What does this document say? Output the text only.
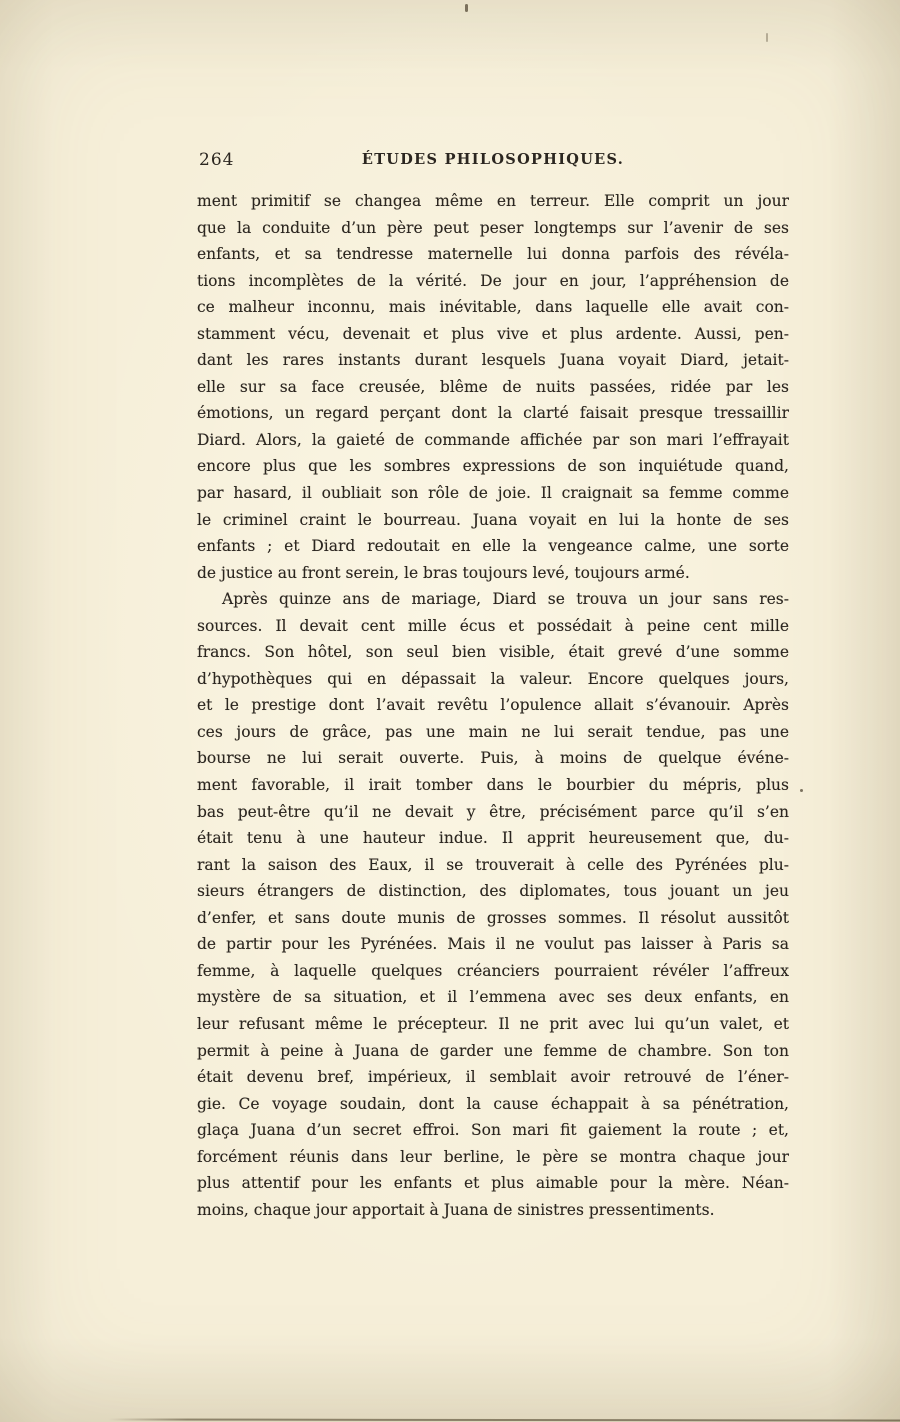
264	ÉTUDES PHILOSOPHIQUES.
ment primitif se changea même en terreur. Elle comprit un jour
que la conduite d’un père peut peser longtemps sur l’avenir de ses
enfants, et sa tendresse maternelle lui donna parfois des révéla-
tions incomplètes de la vérité. De jour en jour, l’appréhension de
ce malheur inconnu, mais inévitable, dans laquelle elle avait con-
stamment vécu, devenait et plus vive et plus ardente. Aussi, pen-
dant les rares instants durant lesquels Juana voyait Diard, jetait-
elle sur sa face creusée, blême de nuits passées, ridée par les
émotions, un regard perçant dont la clarté faisait presque tressaillir
Diard. Alors, la gaieté de commande affichée par son mari l’effrayait
encore plus que les sombres expressions de son inquiétude quand,
par hasard, il oubliait son rôle de joie. Il craignait sa femme comme
le criminel craint le bourreau. Juana voyait en lui la honte de ses
enfants ; et Diard redoutait en elle la vengeance calme, une sorte
de justice au front serein, le bras toujours levé, toujours armé.
Après quinze ans de mariage, Diard se trouva un jour sans res-
sources. Il devait cent mille écus et possédait à peine cent mille
francs. Son hôtel, son seul bien visible, était grevé d’une somme
d’hypothèques qui en dépassait la valeur. Encore quelques jours,
et le prestige dont l’avait revêtu l’opulence allait s’évanouir. Après
ces jours de grâce, pas une main ne lui serait tendue, pas une
bourse ne lui serait ouverte. Puis, à moins de quelque événe-
ment favorable, il irait tomber dans le bourbier du mépris, plus
bas peut-être qu’il ne devait y être, précisément parce qu’il s’en
était tenu à une hauteur indue. Il apprit heureusement que, du-
rant la saison des Eaux, il se trouverait à celle des Pyrénées plu-
sieurs étrangers de distinction, des diplomates, tous jouant un jeu
d’enfer, et sans doute munis de grosses sommes. Il résolut aussitôt
de partir pour les Pyrénées. Mais il ne voulut pas laisser à Paris sa
femme, à laquelle quelques créanciers pourraient révéler l’affreux
mystère de sa situation, et il l’emmena avec ses deux enfants, en
leur refusant même le précepteur. Il ne prit avec lui qu’un valet, et
permit à peine à Juana de garder une femme de chambre. Son ton
était devenu bref, impérieux, il semblait avoir retrouvé de l’éner-
gie. Ce voyage soudain, dont la cause échappait à sa pénétration,
glaça Juana d’un secret effroi. Son mari fit gaiement la route ; et,
forcément réunis dans leur berline, le père se montra chaque jour
plus attentif pour les enfants et plus aimable pour la mère. Néan-
moins, chaque jour apportait à Juana de sinistres pressentiments.
